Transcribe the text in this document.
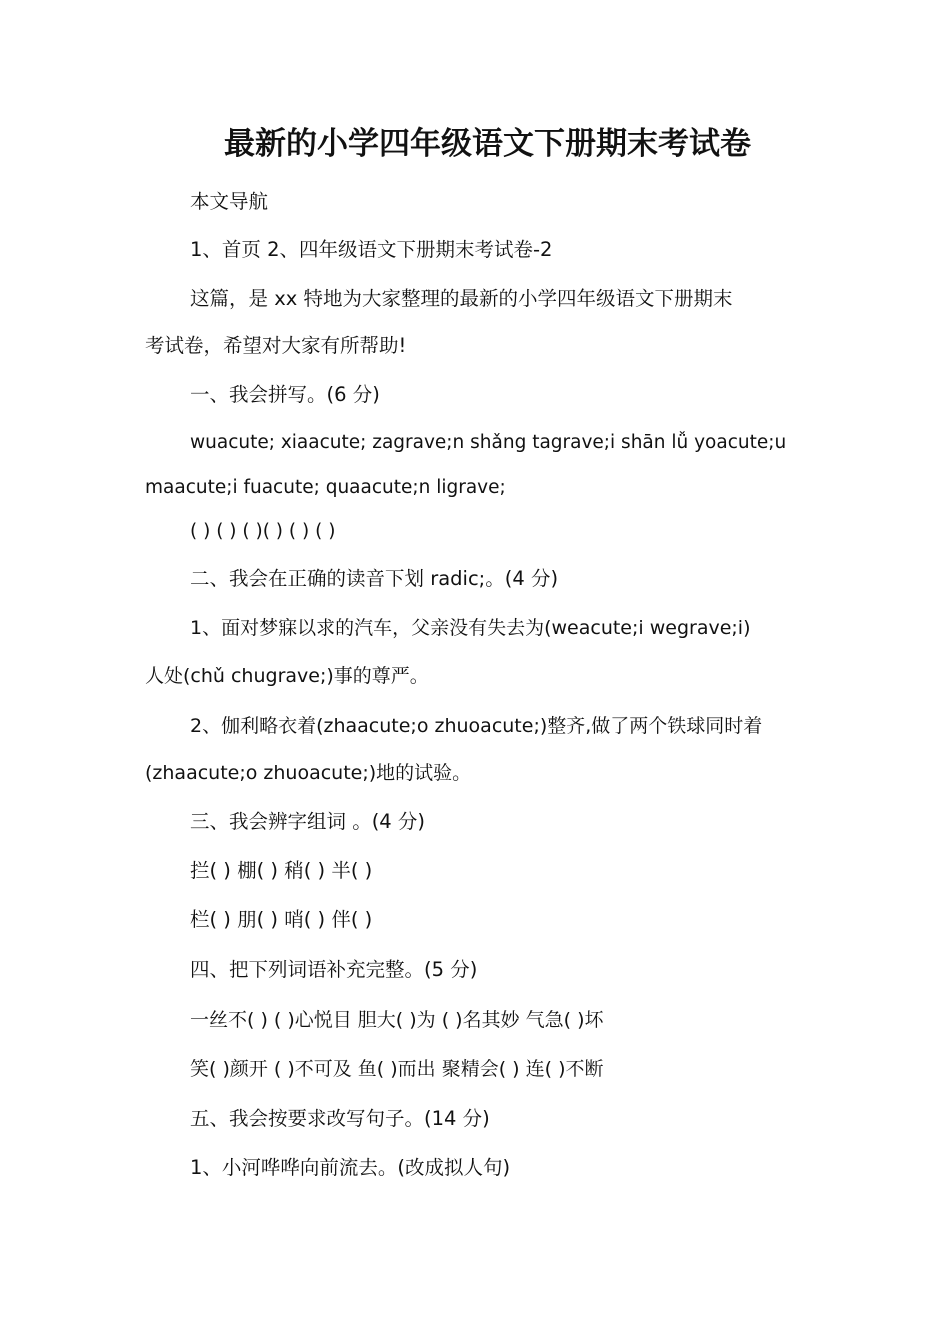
最新的小学四年级语文下册期末考试卷
本文导航
1、首页 2、四年级语文下册期末考试卷-2
这篇，是 xx 特地为大家整理的最新的小学四年级语文下册期末
考试卷，希望对大家有所帮助!
一、我会拼写。(6 分)
wuacute; xiaacute; zagrave;n shǎng tagrave;i shān lǚ yoacute;u
maacute;i fuacute; quaacute;n ligrave;
( ) ( ) ( )( ) ( ) ( )
二、我会在正确的读音下划 radic;。(4 分)
1、面对梦寐以求的汽车，父亲没有失去为(weacute;i wegrave;i)
人处(chǔ chugrave;)事的尊严。
2、伽利略衣着(zhaacute;o zhuoacute;)整齐,做了两个铁球同时着
(zhaacute;o zhuoacute;)地的试验。
三、我会辨字组词 。(4 分)
拦( ) 棚( ) 稍( ) 半( )
栏( ) 朋( ) 哨( ) 伴( )
四、把下列词语补充完整。(5 分)
一丝不( ) ( )心悦目 胆大( )为 ( )名其妙 气急( )坏
笑( )颜开 ( )不可及 鱼( )而出 聚精会( ) 连( )不断
五、我会按要求改写句子。(14 分)
1、小河哗哗向前流去。(改成拟人句)
